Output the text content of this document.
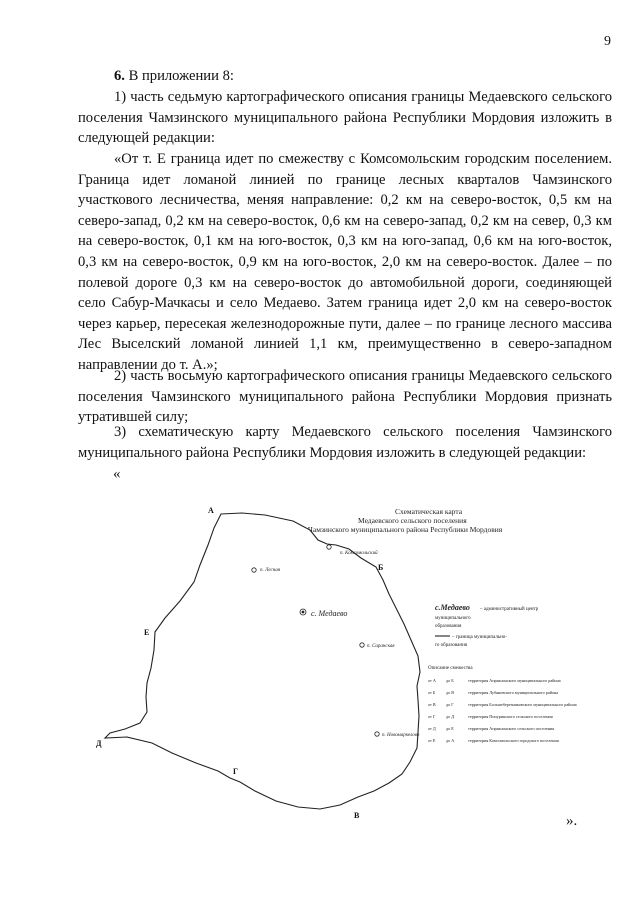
9
6. В приложении 8:
1) часть седьмую картографического описания границы Медаевского сельского поселения Чамзинского муниципального района Республики Мордовия изложить в следующей редакции:
«От т. Е граница идет по смежеству с Комсомольским городским поселением. Граница идет ломаной линией по границе лесных кварталов Чамзинского участкового лесничества, меняя направление: 0,2 км на северо-восток, 0,5 км на северо-запад, 0,2 км на северо-восток, 0,6 км на северо-запад, 0,2 км на север, 0,3 км на северо-восток, 0,1 км на юго-восток, 0,3 км на юго-запад, 0,6 км на юго-восток, 0,3 км на северо-восток, 0,9 км на юго-восток, 2,0 км на северо-восток. Далее – по полевой дороге 0,3 км на северо-восток до автомобильной дороги, соединяющей село Сабур-Мачкасы и село Медаево. Затем граница идет 2,0 км на северо-восток через карьер, пересекая железнодорожные пути, далее – по границе лесного массива Лес Выселский ломаной линией 1,1 км, преимущественно в северо-западном направлении до т. А.»;
2) часть восьмую картографического описания границы Медаевского сельского поселения Чамзинского муниципального района Республики Мордовия признать утратившей силу;
3) схематическую карту Медаевского сельского поселения Чамзинского муниципального района Республики Мордовия изложить в следующей редакции:
«
Схематическая карта
Медаевского сельского поселения
Чамзинского муниципального района Республики Мордовия
А
Б
В
Г
Д
Е
п. Комсомольский
п. Лесная
п. Саранская
п. Новомаркелово
с. Медаево
с.Медаево – административный центр
муниципального
образования
– граница муниципально-
го образования
Описание смежества
от А до Б	территория Апраксинского муниципального района
от Б	до В	территория Лубяновского муниципального района
от В до Г	территория Большеберезниковского муниципального района
от Г	до Д	территория Пичуринского сельского поселения
от Д до Е	территория Апраксинского сельского поселения
от Е	до А	территория Комсомольского городского поселения
».
